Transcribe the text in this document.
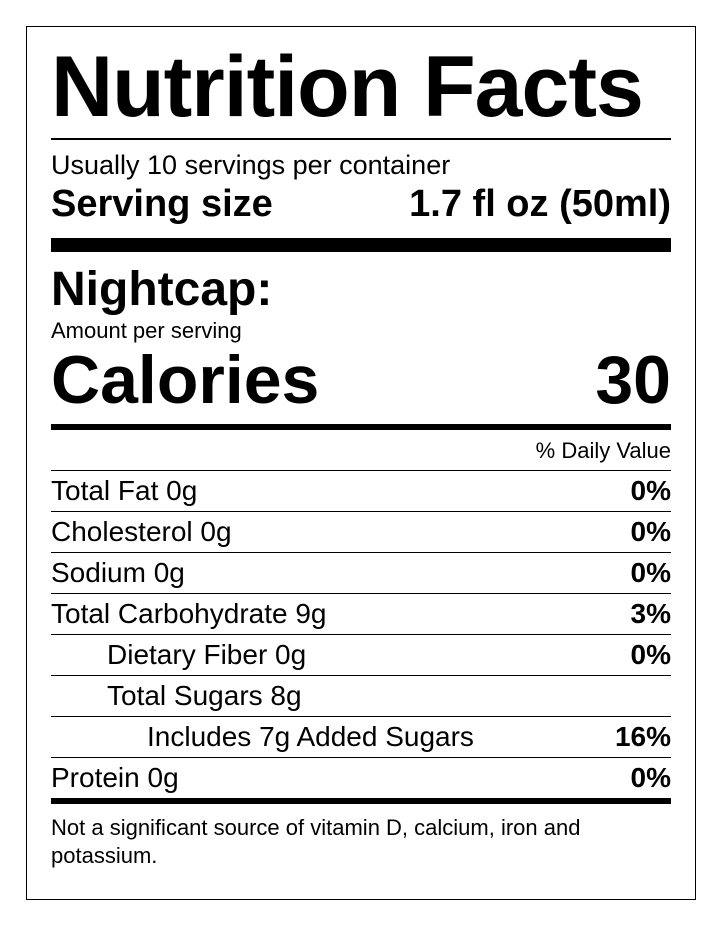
Nutrition Facts
Usually 10 servings per container
Serving size	1.7 fl oz (50ml)
Nightcap:
Amount per serving
Calories	30
% Daily Value
Total Fat 0g	0%
Cholesterol 0g	0%
Sodium 0g	0%
Total Carbohydrate 9g	3%
Dietary Fiber 0g	0%
Total Sugars 8g
Includes 7g Added Sugars	16%
Protein 0g	0%
Not a significant source of vitamin D, calcium, iron and potassium.
